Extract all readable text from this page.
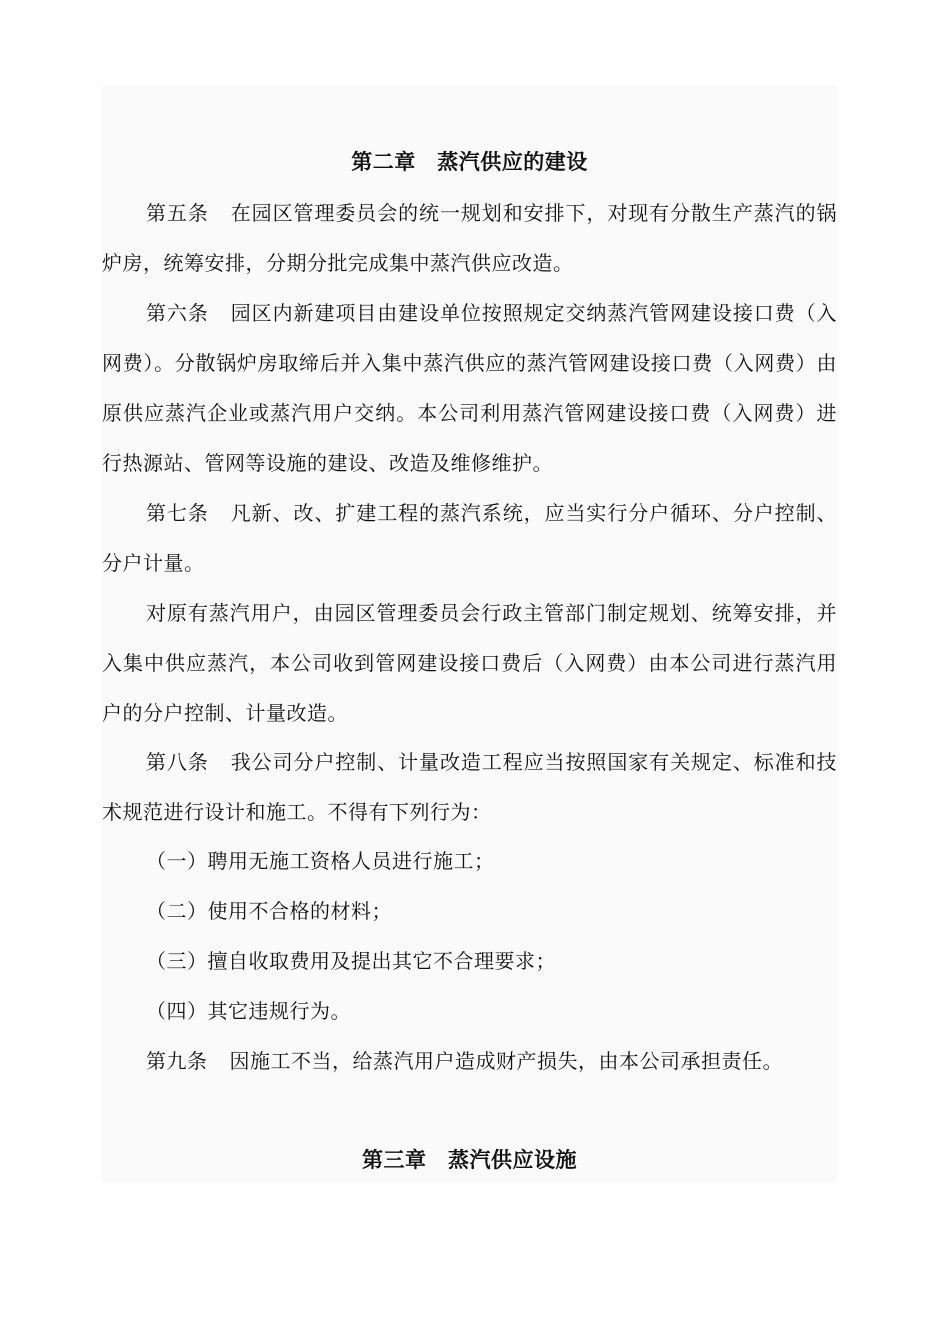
第二章　蒸汽供应的建设
第五条 在园区管理委员会的统一规划和安排下，对现有分散生产蒸汽的锅炉房，统筹安排，分期分批完成集中蒸汽供应改造。
第六条 园区内新建项目由建设单位按照规定交纳蒸汽管网建设接口费（入网费）。分散锅炉房取缔后并入集中蒸汽供应的蒸汽管网建设接口费（入网费）由原供应蒸汽企业或蒸汽用户交纳。本公司利用蒸汽管网建设接口费（入网费）进行热源站、管网等设施的建设、改造及维修维护。
第七条 凡新、改、扩建工程的蒸汽系统，应当实行分户循环、分户控制、分户计量。
对原有蒸汽用户，由园区管理委员会行政主管部门制定规划、统筹安排，并入集中供应蒸汽，本公司收到管网建设接口费后（入网费）由本公司进行蒸汽用户的分户控制、计量改造。
第八条 我公司分户控制、计量改造工程应当按照国家有关规定、标准和技术规范进行设计和施工。不得有下列行为：
（一）聘用无施工资格人员进行施工；
（二）使用不合格的材料；
（三）擅自收取费用及提出其它不合理要求；
（四）其它违规行为。
第九条 因施工不当，给蒸汽用户造成财产损失，由本公司承担责任。
第三章　蒸汽供应设施
